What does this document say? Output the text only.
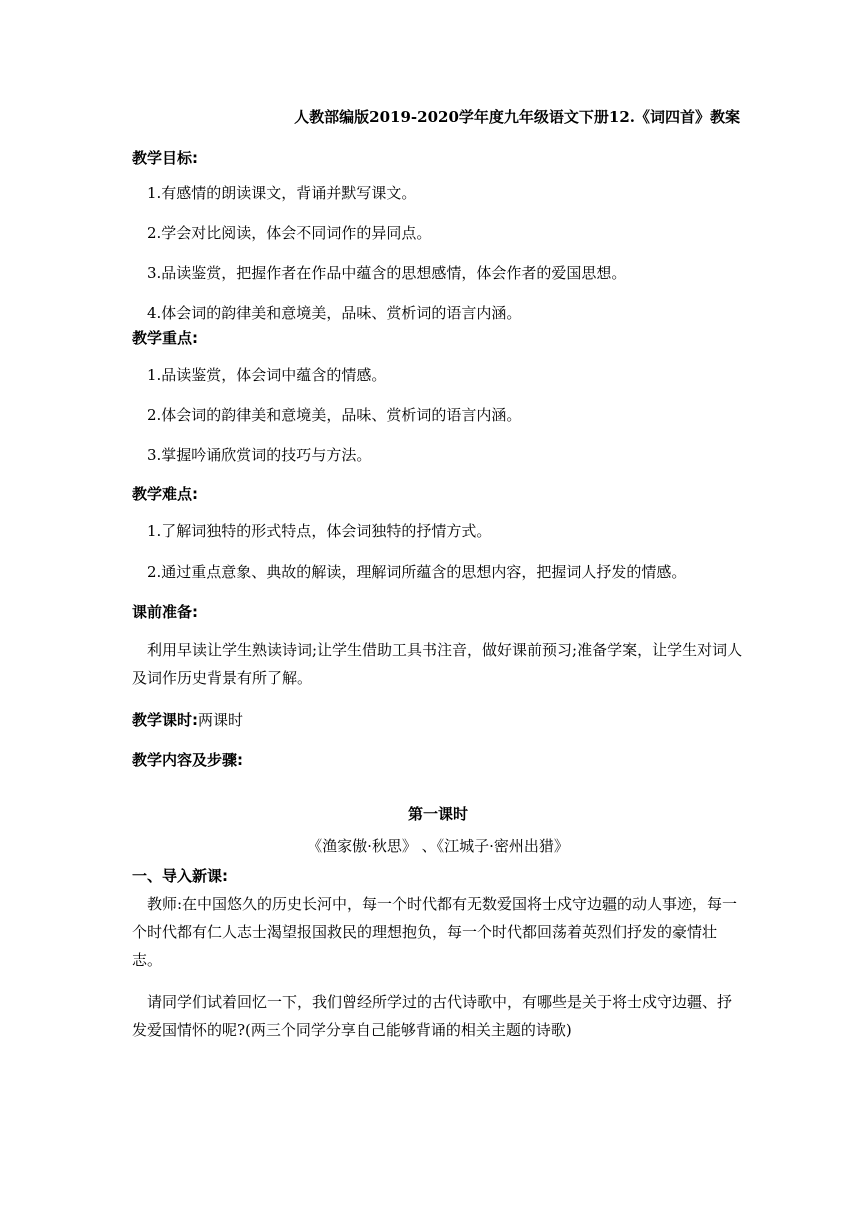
人教部编版2019-2020学年度九年级语文下册12.《词四首》教案

教学目标:

1.有感情的朗读课文，背诵并默写课文。

2.学会对比阅读，体会不同词作的异同点。

3.品读鉴赏，把握作者在作品中蕴含的思想感情，体会作者的爱国思想。

4.体会词的韵律美和意境美，品味、赏析词的语言内涵。

教学重点:

1.品读鉴赏，体会词中蕴含的情感。

2.体会词的韵律美和意境美，品味、赏析词的语言内涵。

3.掌握吟诵欣赏词的技巧与方法。

教学难点:

1.了解词独特的形式特点，体会词独特的抒情方式。

2.通过重点意象、典故的解读，理解词所蕴含的思想内容，把握词人抒发的情感。

课前准备:

利用早读让学生熟读诗词;让学生借助工具书注音，做好课前预习;准备学案，让学生对词人及词作历史背景有所了解。

教学课时:两课时

教学内容及步骤:

第一课时

《渔家傲·秋思》 、《江城子·密州出猎》

一、导入新课:

教师:在中国悠久的历史长河中，每一个时代都有无数爱国将士戍守边疆的动人事迹，每一个时代都有仁人志士渴望报国救民的理想抱负，每一个时代都回荡着英烈们抒发的豪情壮志。

请同学们试着回忆一下，我们曾经所学过的古代诗歌中，有哪些是关于将士戍守边疆、抒发爱国情怀的呢?(两三个同学分享自己能够背诵的相关主题的诗歌)
